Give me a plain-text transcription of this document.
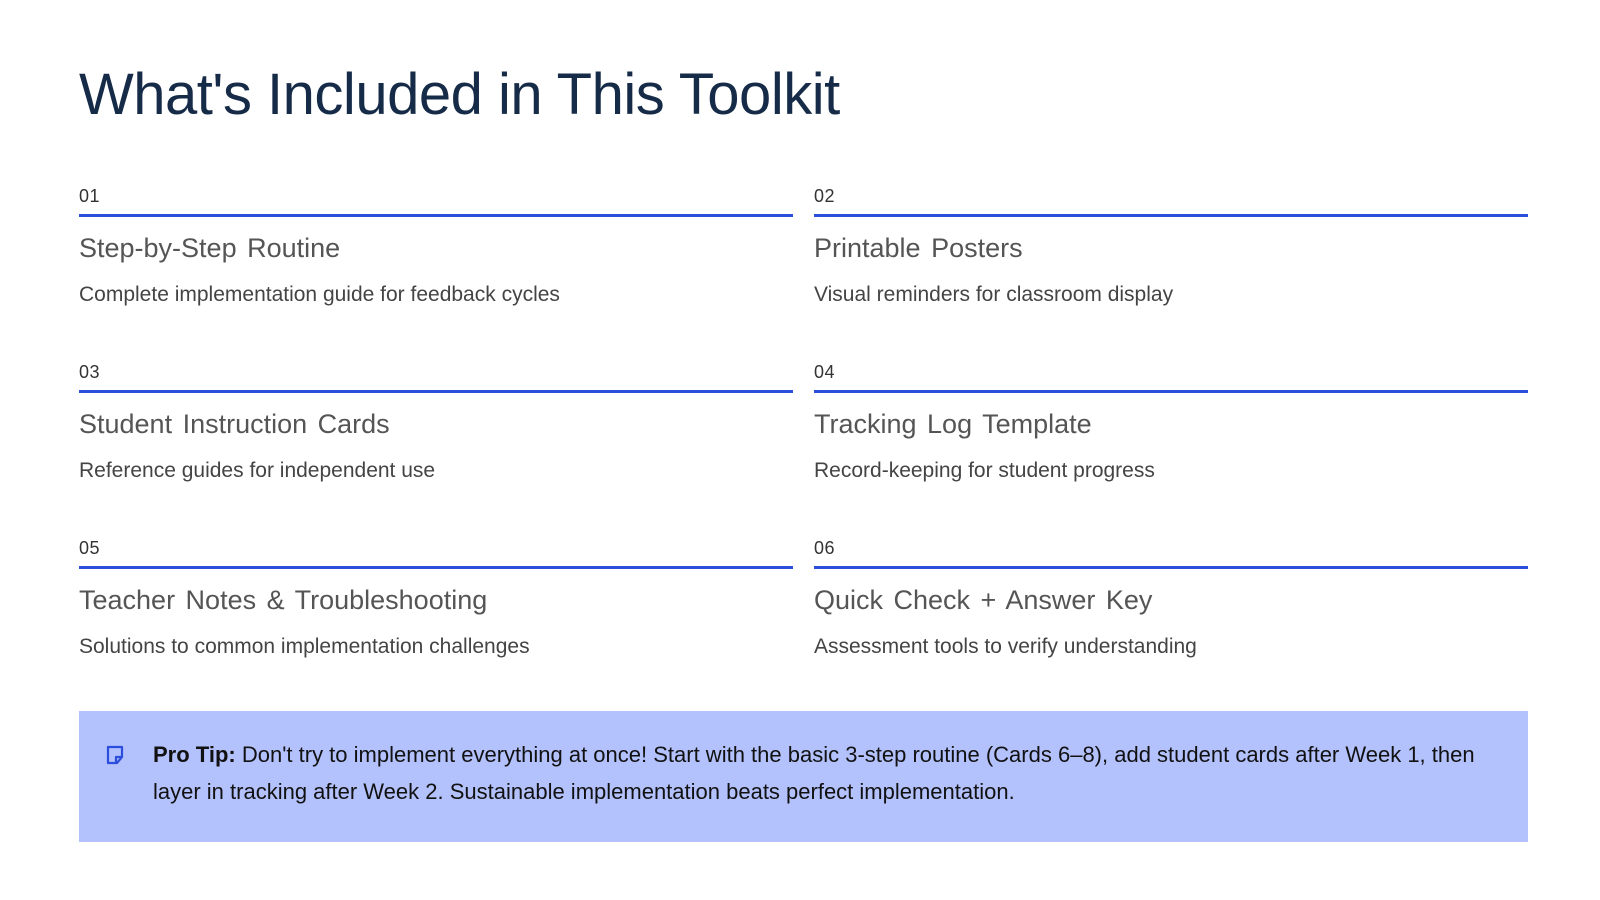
What's Included in This Toolkit
01
Step-by-Step Routine
Complete implementation guide for feedback cycles
02
Printable Posters
Visual reminders for classroom display
03
Student Instruction Cards
Reference guides for independent use
04
Tracking Log Template
Record-keeping for student progress
05
Teacher Notes & Troubleshooting
Solutions to common implementation challenges
06
Quick Check + Answer Key
Assessment tools to verify understanding
Pro Tip: Don't try to implement everything at once! Start with the basic 3-step routine (Cards 6–8), add student cards after Week 1, then layer in tracking after Week 2. Sustainable implementation beats perfect implementation.
